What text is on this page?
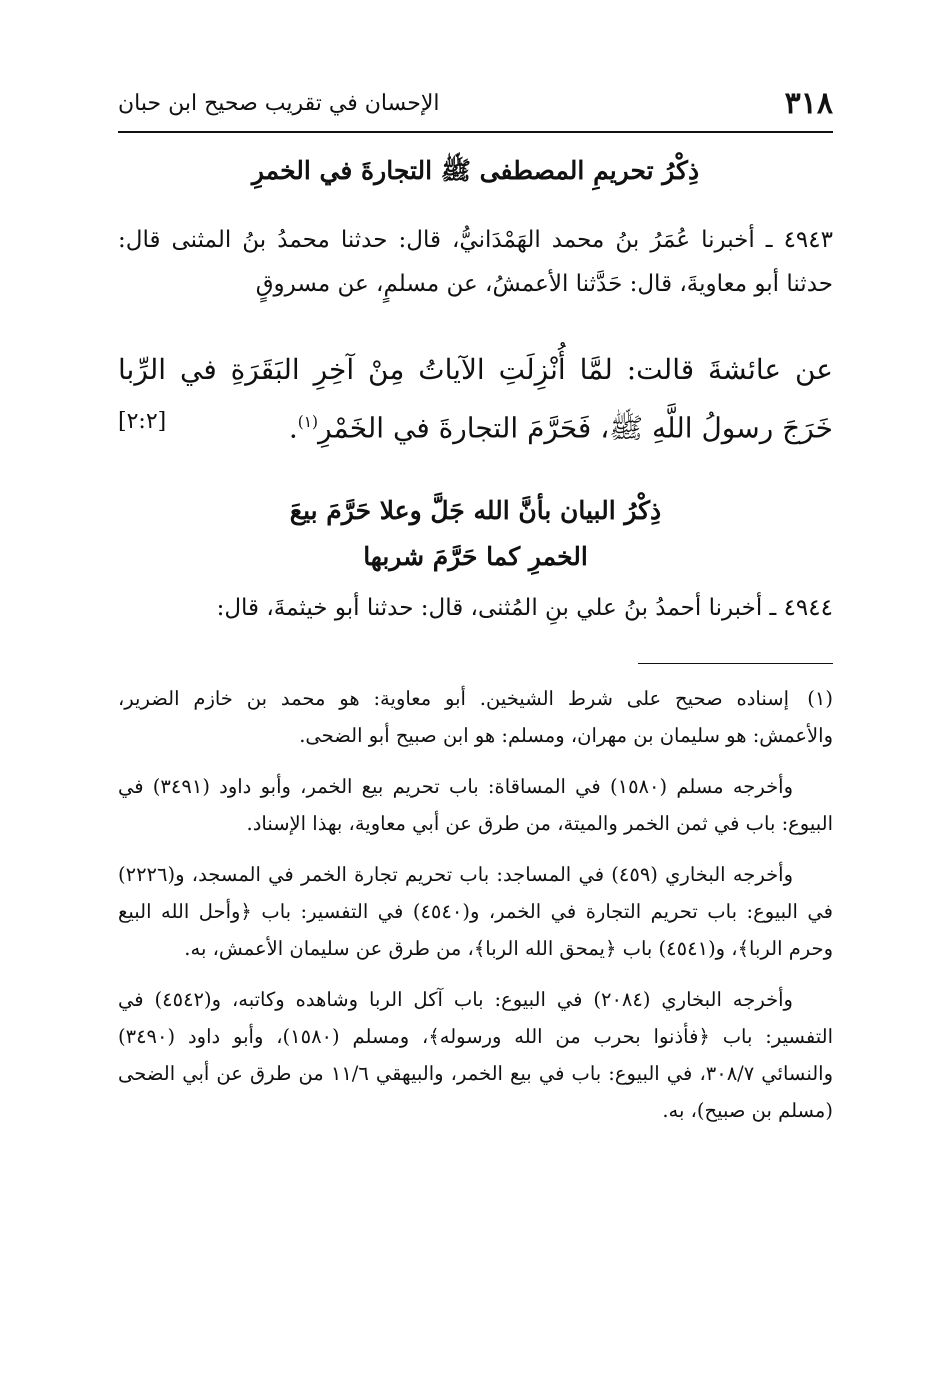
٣١٨
الإحسان في تقريب صحيح ابن حبان
ذِكْرُ تحريمِ المصطفى ﷺ التجارةَ في الخمرِ
٤٩٤٣ ـ أخبرنا عُمَرُ بنُ محمد الهَمْدَانيُّ، قال: حدثنا محمدُ بنُ المثنى قال: حدثنا أبو معاويةَ، قال: حَدَّثنا الأعمشُ، عن مسلمٍ، عن مسروقٍ
عن عائشةَ قالت: لمَّا أُنْزِلَتِ الآياتُ مِنْ آخِرِ البَقَرَةِ في الرِّبا خَرَجَ رسولُ اللَّهِ ﷺ، فَحَرَّمَ التجارةَ في الخَمْرِ$^{(١)}$.
[٢:٢]
ذِكْرُ البيان بأنَّ الله جَلَّ وعلا حَرَّمَ بيعَ
الخمرِ كما حَرَّمَ شربها
٤٩٤٤ ـ أخبرنا أحمدُ بنُ علي بنِ المُثنى، قال: حدثنا أبو خيثمةَ، قال:

(١)إسناده صحيح على شرط الشيخين. أبو معاوية: هو محمد بن خازم الضرير، والأعمش: هو سليمان بن مهران، ومسلم: هو ابن صبيح أبو الضحى.

وأخرجه مسلم (١٥٨٠) في المساقاة: باب تحريم بيع الخمر، وأبو داود (٣٤٩١) في البيوع: باب في ثمن الخمر والميتة، من طرق عن أبي معاوية، بهذا الإسناد.

وأخرجه البخاري (٤٥٩) في المساجد: باب تحريم تجارة الخمر في المسجد، و(٢٢٢٦) في البيوع: باب تحريم التجارة في الخمر، و(٤٥٤٠) في التفسير: باب ﴿وأحل الله البيع وحرم الربا﴾، و(٤٥٤١) باب ﴿يمحق الله الربا﴾، من طرق عن سليمان الأعمش، به.

وأخرجه البخاري (٢٠٨٤) في البيوع: باب آكل الربا وشاهده وكاتبه، و(٤٥٤٢) في التفسير: باب ﴿فأذنوا بحرب من الله ورسوله﴾، ومسلم (١٥٨٠)، وأبو داود (٣٤٩٠) والنسائي ٣٠٨/٧، في البيوع: باب في بيع الخمر، والبيهقي ١١/٦ من طرق عن أبي الضحى (مسلم بن صبيح)، به.
